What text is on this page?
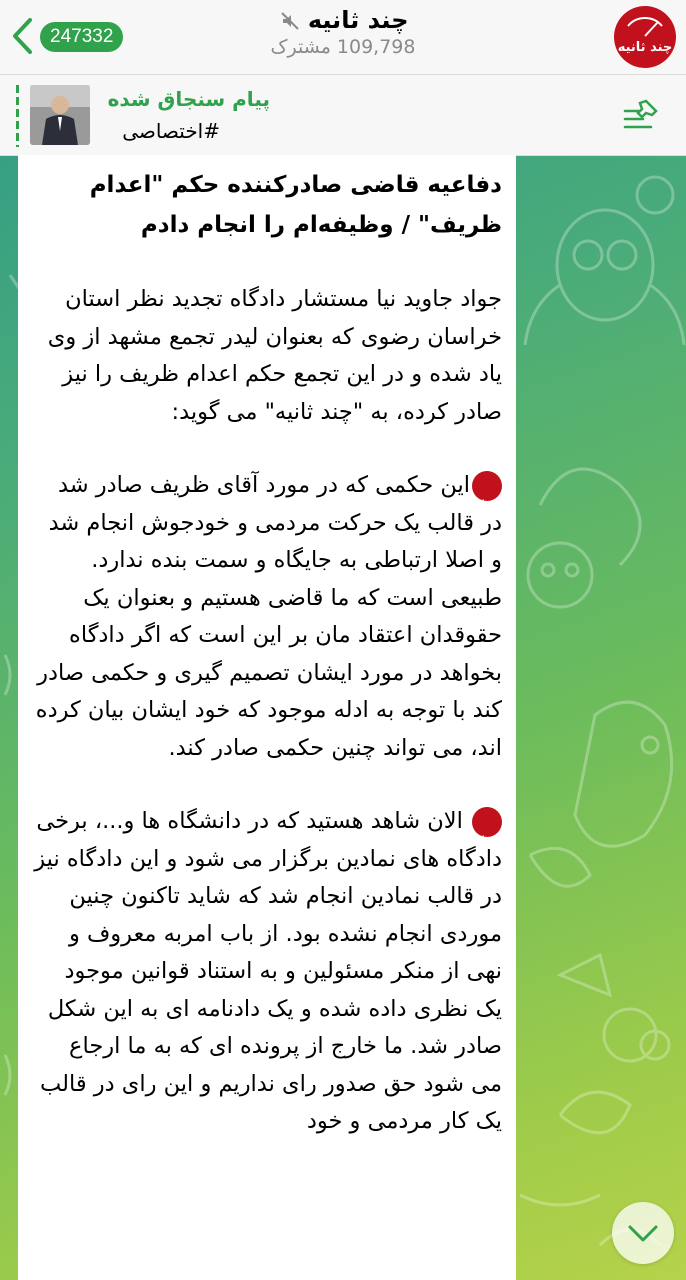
247332
چند ثانیه
109,798 مشترک	چند ثانیه
پیام سنجاق شده
#اختصاصی

دفاعیه قاضی صادرکننده حکم "اعدام ظریف" / وظیفه‌ام را انجام دادم

جواد جاوید نیا مستشار دادگاه تجدید نظر استان خراسان رضوی که بعنوان لیدر تجمع مشهد از وی یاد شده و در این تجمع حکم اعدام ظریف را نیز صادر کرده، به "چند ثانیه" می گوید:

چند ثانیه
این حکمی که در مورد آقای ظریف صادر شد در قالب یک حرکت مردمی و خودجوش انجام شد و اصلا ارتباطی به جایگاه و سمت بنده ندارد. طبیعی است که ما قاضی هستیم و بعنوان یک حقوقدان اعتقاد مان بر این است که اگر دادگاه بخواهد در مورد ایشان تصمیم گیری و حکمی صادر کند با توجه به ادله موجود که خود ایشان بیان کرده اند، می تواند چنین حکمی صادر کند.

چند ثانیه
الان شاهد هستید که در دانشگاه ها و...، برخی دادگاه های نمادین برگزار می شود و این دادگاه نیز در قالب نمادین انجام شد که شاید تاکنون چنین موردی انجام نشده بود. از باب امربه معروف و نهی از منکر مسئولین و به استناد قوانین موجود یک نظری داده شده و یک دادنامه ای به این شکل صادر شد. ما خارج از پرونده ای که به ما ارجاع می شود حق صدور رای نداریم و این رای در قالب یک کار مردمی و خود
